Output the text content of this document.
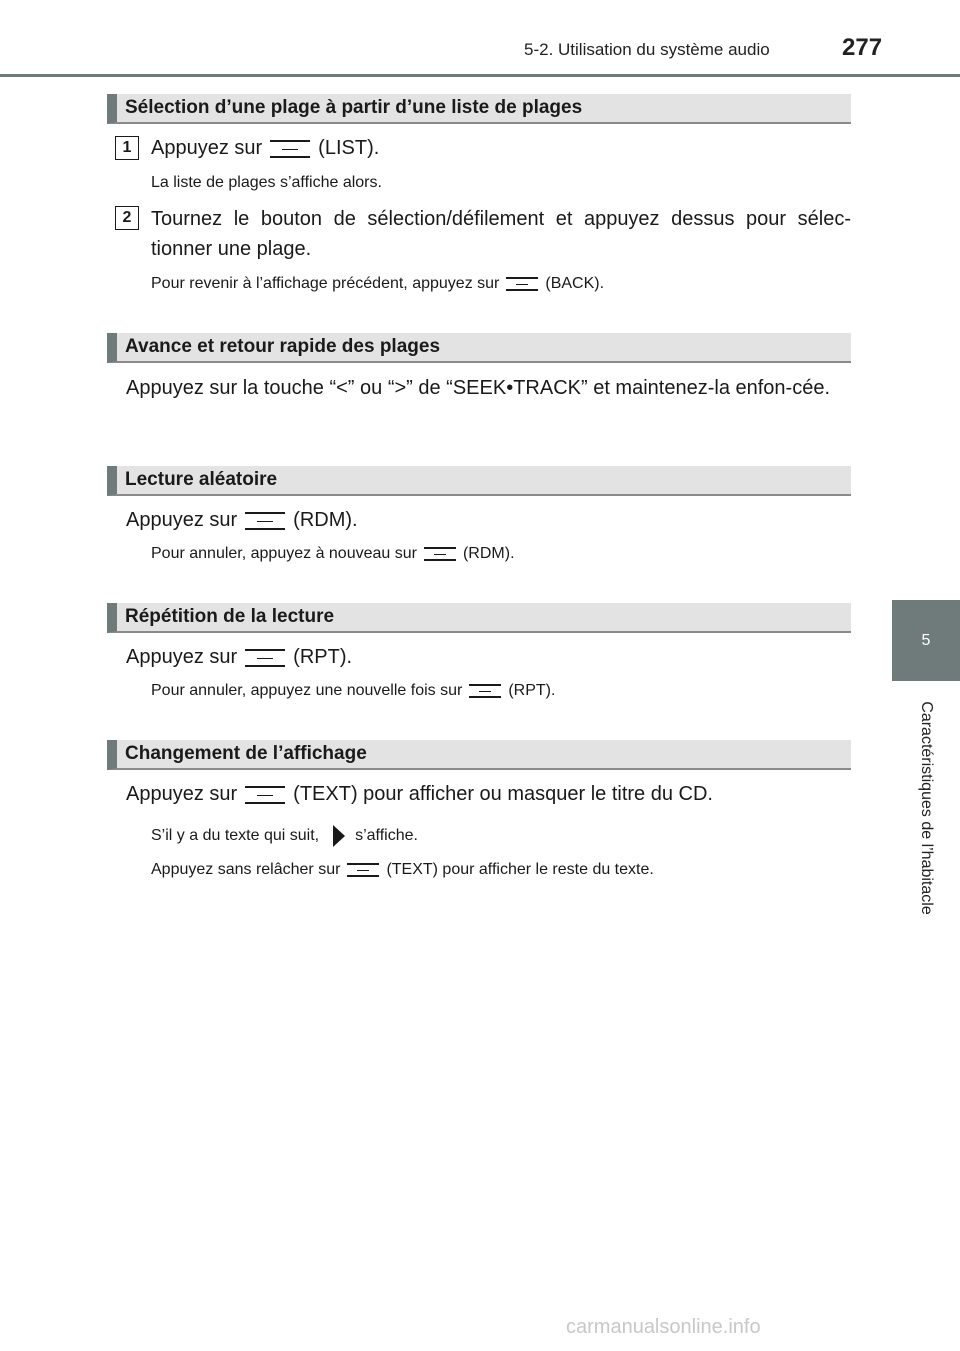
5-2. Utilisation du système audio	277
5
Caractéristiques de l’habitacle
Sélection d’une plage à partir d’une liste de plages
1 Appuyez sur	(LIST).
La liste de plages s’affiche alors.
2 Tournez le bouton de sélection/défilement et appuyez dessus pour sélec-tionner une plage.
Pour revenir à l’affichage précédent, appuyez sur	(BACK).
Avance et retour rapide des plages
Appuyez sur la touche “<” ou “>” de “SEEK•TRACK” et maintenez-la enfon-cée.
Lecture aléatoire
Appuyez sur	(RDM).
Pour annuler, appuyez à nouveau sur	(RDM).
Répétition de la lecture
Appuyez sur	(RPT).
Pour annuler, appuyez une nouvelle fois sur	(RPT).
Changement de l’affichage
Appuyez sur	(TEXT) pour afficher ou masquer le titre du CD.
S’il y a du texte qui suit, s’affiche.
Appuyez sans relâcher sur	(TEXT) pour afficher le reste du texte.
carmanualsonline.info
